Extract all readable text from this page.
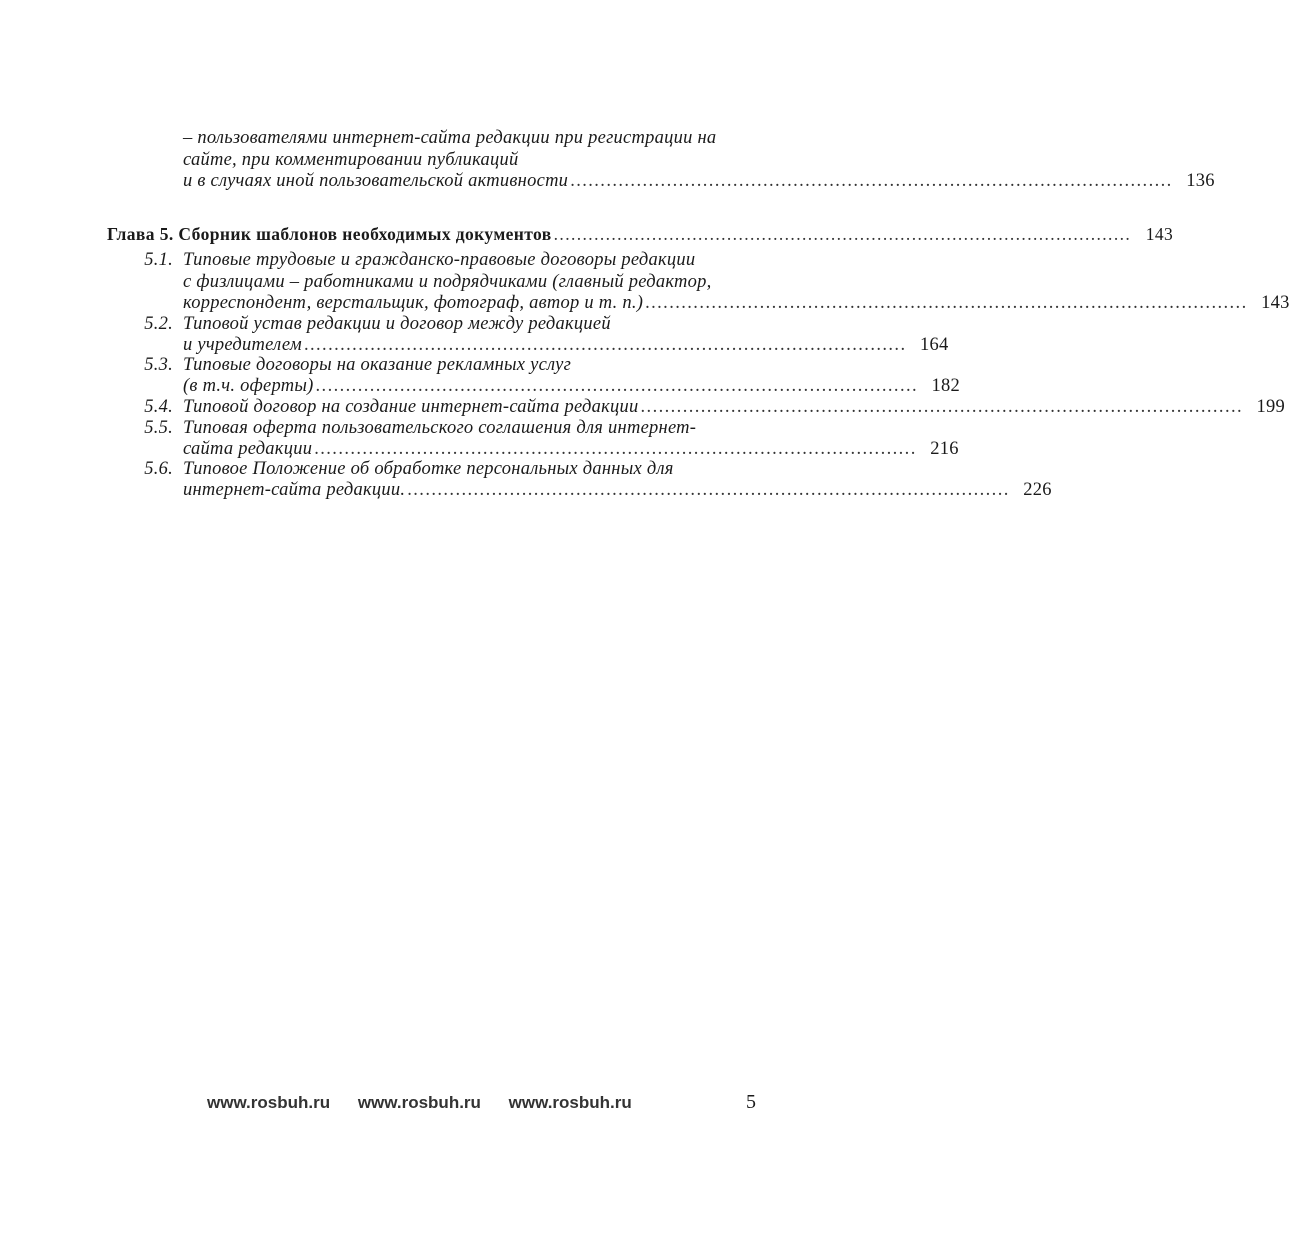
– пользователями интернет-сайта редакции при регистрации на
сайте, при комментировании публикаций
и в случаях иной пользовательской активности .................................................................................................... 136
Глава 5. Сборник шаблонов необходимых документов .................................................................................................... 143
5.1. Типовые трудовые и гражданско-правовые договоры редакции
с физлицами – работниками и подрядчиками (главный редактор,
корреспондент, верстальщик, фотограф, автор и т. п.) .................................................................................................... 143
5.2. Типовой устав редакции и договор между редакцией
и учредителем .................................................................................................... 164
5.3. Типовые договоры на оказание рекламных услуг
(в т.ч. оферты) .................................................................................................... 182
5.4. Типовой договор на создание интернет-сайта редакции .................................................................................................... 199
5.5. Типовая оферта пользовательского соглашения для интернет-
сайта редакции .................................................................................................... 216
5.6. Типовое Положение об обработке персональных данных для
интернет-сайта редакции. .................................................................................................... 226
www.rosbuh.ru www.rosbuh.ru www.rosbuh.ru	5
